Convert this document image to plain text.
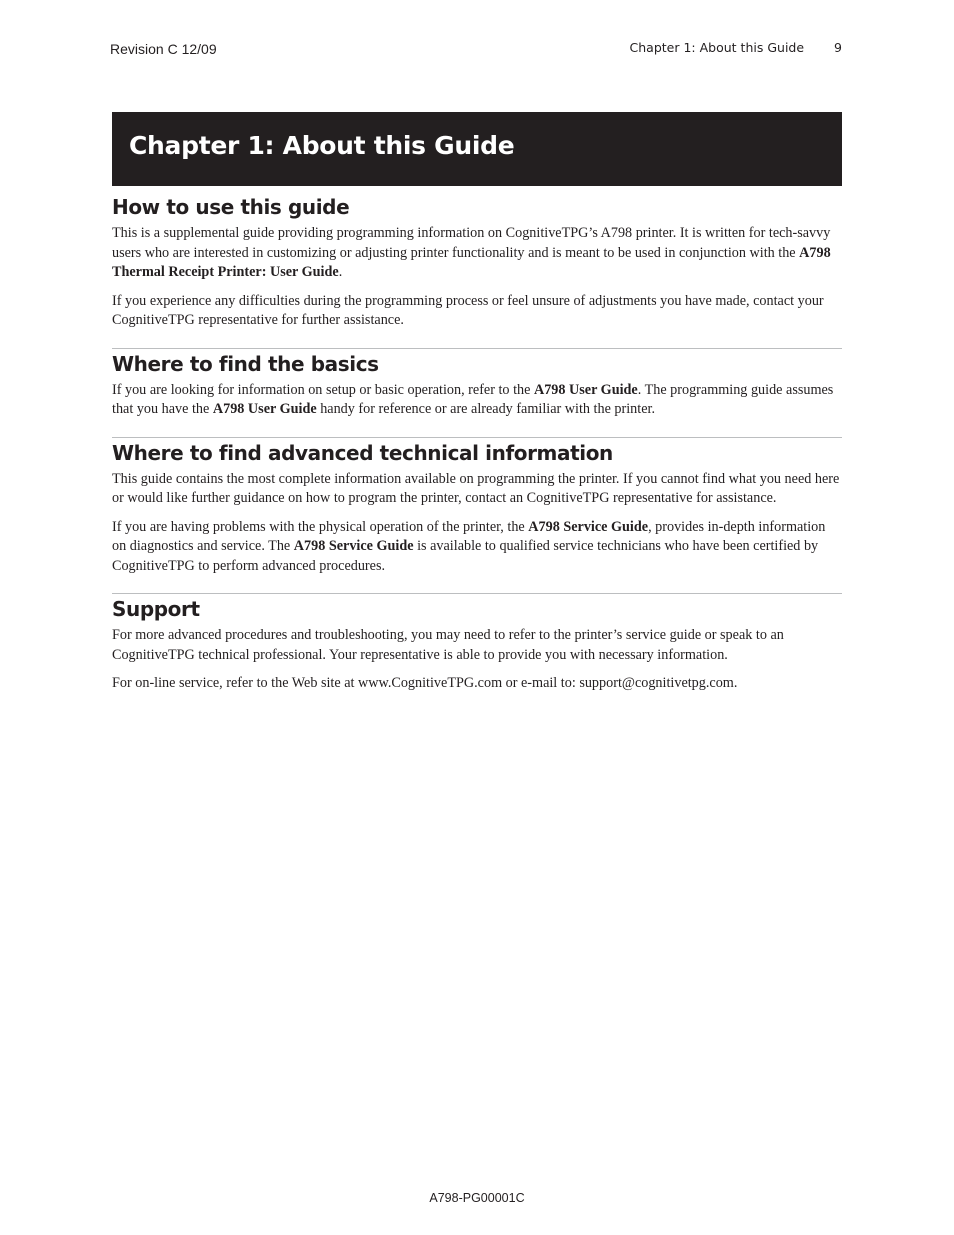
Revision C 12/09	Chapter 1: About this Guide 9
Chapter 1: About this Guide
How to use this guide

This is a supplemental guide providing programming information on CognitiveTPG’s A798 printer. It is written for tech-savvy users who are interested in customizing or adjusting printer functionality and is meant to be used in conjunction with the A798 Thermal Receipt Printer: User Guide.

If you experience any difficulties during the programming process or feel unsure of adjustments you have made, contact your CognitiveTPG representative for further assistance.

Where to find the basics

If you are looking for information on setup or basic operation, refer to the A798 User Guide. The programming guide assumes that you have the A798 User Guide handy for reference or are already familiar with the printer.

Where to find advanced technical information

This guide contains the most complete information available on programming the printer. If you cannot find what you need here or would like further guidance on how to program the printer, contact an CognitiveTPG representative for assistance.

If you are having problems with the physical operation of the printer, the A798 Service Guide, provides in-depth information on diagnostics and service. The A798 Service Guide is available to qualified service technicians who have been certified by CognitiveTPG to perform advanced procedures.

Support

For more advanced procedures and troubleshooting, you may need to refer to the printer’s service guide or speak to an CognitiveTPG technical professional. Your representative is able to provide you with necessary information.

For on-line service, refer to the Web site at www.CognitiveTPG.com or e-mail to: support@cognitivetpg.com.

A798-PG00001C
